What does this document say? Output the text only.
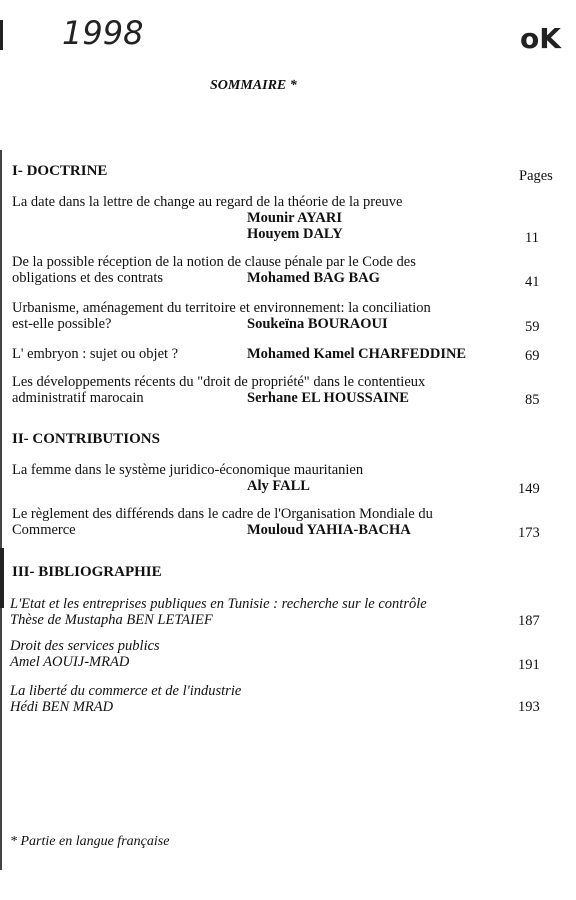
1998	oK
SOMMAIRE *
I- DOCTRINE	Pages
La date dans la lettre de change au regard de la théorie de la preuve
Mounir AYARI
Houyem DALY	11
De la possible réception de la notion de clause pénale par le Code des
obligations et des contrats	Mohamed BAG BAG	41
Urbanisme, aménagement du territoire et environnement: la conciliation
est-elle possible?	Soukeïna BOURAOUI	59
L' embryon : sujet ou objet ?	Mohamed Kamel CHARFEDDINE	69
Les développements récents du "droit de propriété" dans le contentieux
administratif marocain	Serhane EL HOUSSAINE	85
II- CONTRIBUTIONS
La femme dans le système juridico-économique mauritanien
Aly FALL	149
Le règlement des différends dans le cadre de l'Organisation Mondiale du
Commerce	Mouloud YAHIA-BACHA	173
III- BIBLIOGRAPHIE
L'Etat et les entreprises publiques en Tunisie : recherche sur le contrôle
Thèse de Mustapha BEN LETAIEF	187
Droit des services publics
Amel AOUIJ-MRAD	191
La liberté du commerce et de l'industrie
Hédi BEN MRAD	193
* Partie en langue française
